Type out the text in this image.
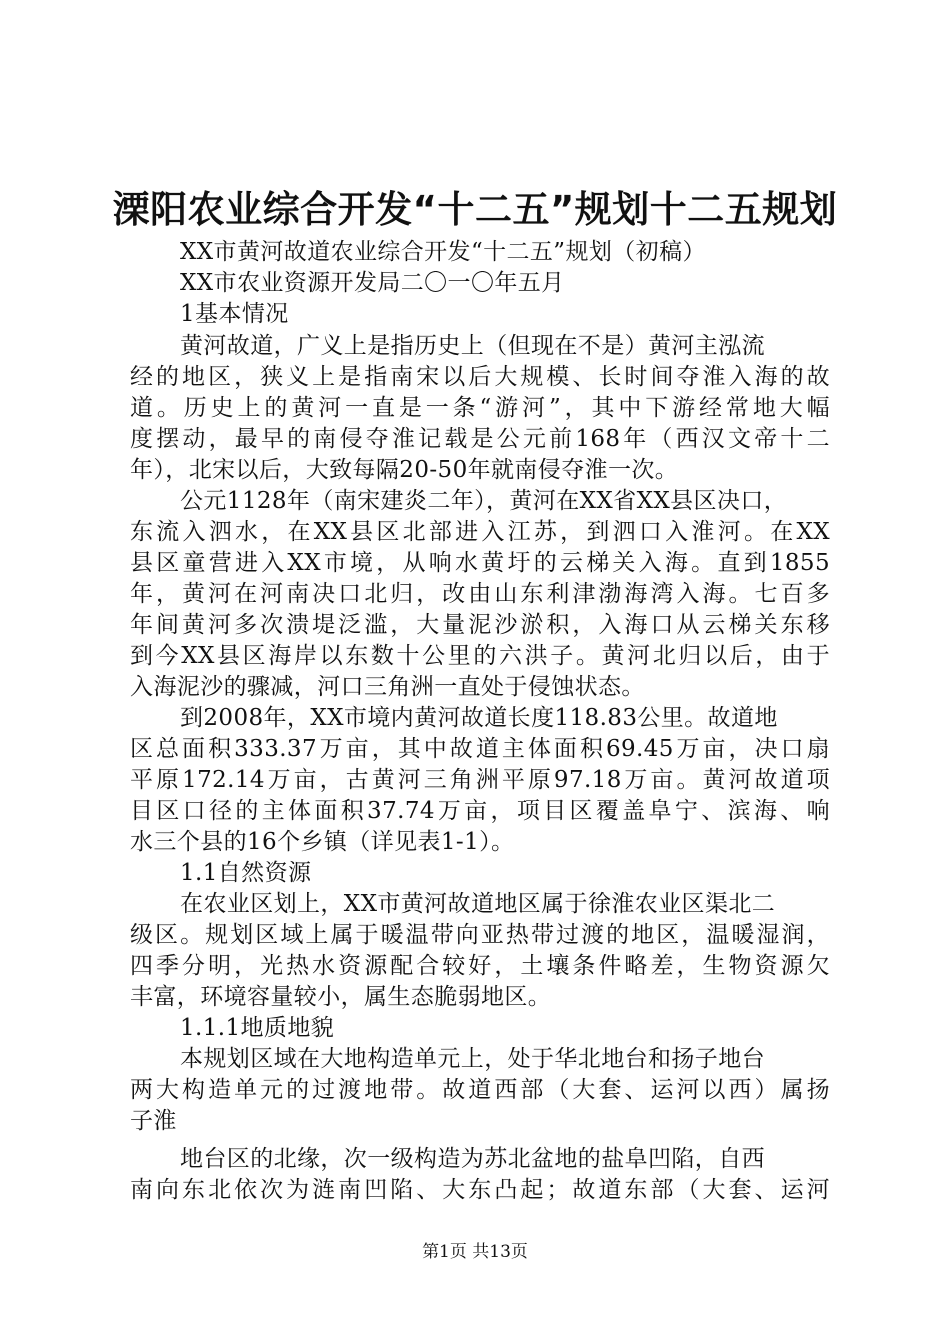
溧阳农业综合开发“十二五”规划十二五规划
XX市黄河故道农业综合开发“十二五”规划（初稿）
XX市农业资源开发局二〇一〇年五月
1基本情况
黄河故道，广义上是指历史上（但现在不是）黄河主泓流
经的地区，狭义上是指南宋以后大规模、长时间夺淮入海的故
道。历史上的黄河一直是一条“游河”，其中下游经常地大幅
度摆动，最早的南侵夺淮记载是公元前168年（西汉文帝十二
年），北宋以后，大致每隔20-50年就南侵夺淮一次。
公元1128年（南宋建炎二年），黄河在XX省XX县区决口，
东流入泗水，在XX县区北部进入江苏，到泗口入淮河。在XX
县区童营进入XX市境，从响水黄圩的云梯关入海。直到1855
年，黄河在河南决口北归，改由山东利津渤海湾入海。七百多
年间黄河多次溃堤泛滥，大量泥沙淤积，入海口从云梯关东移
到今XX县区海岸以东数十公里的六洪子。黄河北归以后，由于
入海泥沙的骤减，河口三角洲一直处于侵蚀状态。
到2008年，XX市境内黄河故道长度118.83公里。故道地
区总面积333.37万亩，其中故道主体面积69.45万亩，决口扇
平原172.14万亩，古黄河三角洲平原97.18万亩。黄河故道项
目区口径的主体面积37.74万亩，项目区覆盖阜宁、滨海、响
水三个县的16个乡镇（详见表1-1）。
1.1自然资源
在农业区划上，XX市黄河故道地区属于徐淮农业区渠北二
级区。规划区域上属于暖温带向亚热带过渡的地区，温暖湿润，
四季分明，光热水资源配合较好，土壤条件略差，生物资源欠
丰富，环境容量较小，属生态脆弱地区。
1.1.1地质地貌
本规划区域在大地构造单元上，处于华北地台和扬子地台
两大构造单元的过渡地带。故道西部（大套、运河以西）属扬
子淮
地台区的北缘，次一级构造为苏北盆地的盐阜凹陷，自西
南向东北依次为涟南凹陷、大东凸起；故道东部（大套、运河
第1页 共13页
